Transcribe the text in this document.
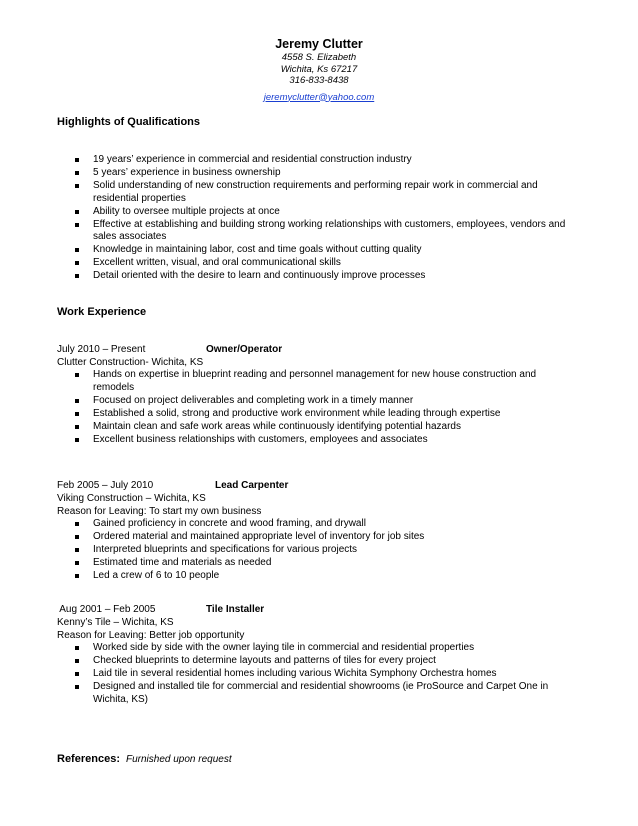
Jeremy Clutter
4558 S. Elizabeth
Wichita, Ks 67217
316-833-8438
jeremyclutter@yahoo.com
Highlights of Qualifications
19 years’ experience in commercial and residential construction industry
5 years’ experience in business ownership
Solid understanding of new construction requirements and performing repair work in commercial and residential properties
Ability to oversee multiple projects at once
Effective at establishing and building strong working relationships with customers, employees, vendors and sales associates
Knowledge in maintaining labor, cost and time goals without cutting quality
Excellent written, visual, and oral communicational skills
Detail oriented with the desire to learn and continuously improve processes
Work Experience
July 2010 – Present	Owner/Operator
Clutter Construction- Wichita, KS
Hands on expertise in blueprint reading and personnel management for new house construction and remodels
Focused on project deliverables and completing work in a timely manner
Established a solid, strong and productive work environment while leading through expertise
Maintain clean and safe work areas while continuously identifying potential hazards
Excellent business relationships with customers, employees and associates
Feb 2005 – July 2010	Lead Carpenter
Viking Construction – Wichita, KS
Reason for Leaving: To start my own business
Gained proficiency in concrete and wood framing, and drywall
Ordered material and maintained appropriate level of inventory for job sites
Interpreted blueprints and specifications for various projects
Estimated time and materials as needed
Led a crew of 6 to 10 people
Aug 2001 – Feb 2005	Tile Installer
Kenny’s Tile – Wichita, KS
Reason for Leaving: Better job opportunity
Worked side by side with the owner laying tile in commercial and residential properties
Checked blueprints to determine layouts and patterns of tiles for every project
Laid tile in several residential homes including various Wichita Symphony Orchestra homes
Designed and installed tile for commercial and residential showrooms (ie ProSource and Carpet One in Wichita, KS)
References: Furnished upon request
